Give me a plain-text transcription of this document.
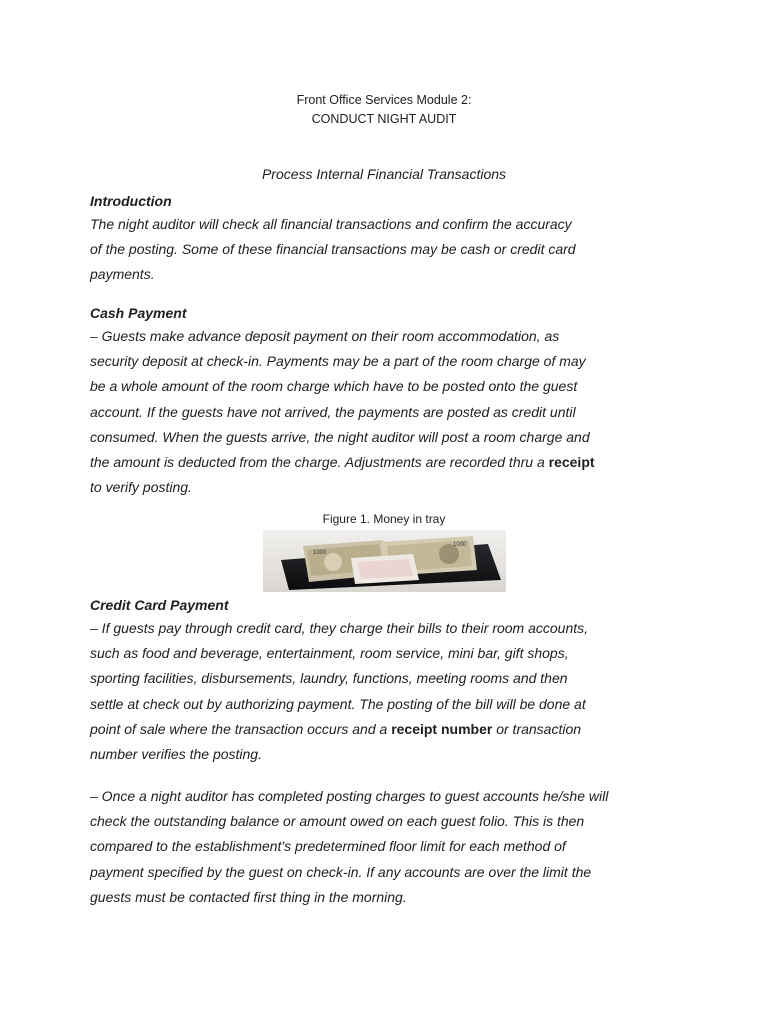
Front Office Services Module 2:
CONDUCT NIGHT AUDIT
Process Internal Financial Transactions
Introduction

The night auditor will check all financial transactions and confirm the accuracy
of the posting. Some of these financial transactions may be cash or credit card
payments.

Cash Payment

– Guests make advance deposit payment on their room accommodation, as
security deposit at check-in. Payments may be a part of the room charge of may
be a whole amount of the room charge which have to be posted onto the guest
account. If the guests have not arrived, the payments are posted as credit until
consumed. When the guests arrive, the night auditor will post a room charge and
the amount is deducted from the charge. Adjustments are recorded thru a receipt
to verify posting.

Figure 1. Money in tray
1000
1000
Credit Card Payment

– If guests pay through credit card, they charge their bills to their room accounts,
such as food and beverage, entertainment, room service, mini bar, gift shops,
sporting facilities, disbursements, laundry, functions, meeting rooms and then
settle at check out by authorizing payment. The posting of the bill will be done at
point of sale where the transaction occurs and a receipt number or transaction
number verifies the posting.

– Once a night auditor has completed posting charges to guest accounts he/she will
check the outstanding balance or amount owed on each guest folio. This is then
compared to the establishment's predetermined floor limit for each method of
payment specified by the guest on check-in. If any accounts are over the limit the
guests must be contacted first thing in the morning.
